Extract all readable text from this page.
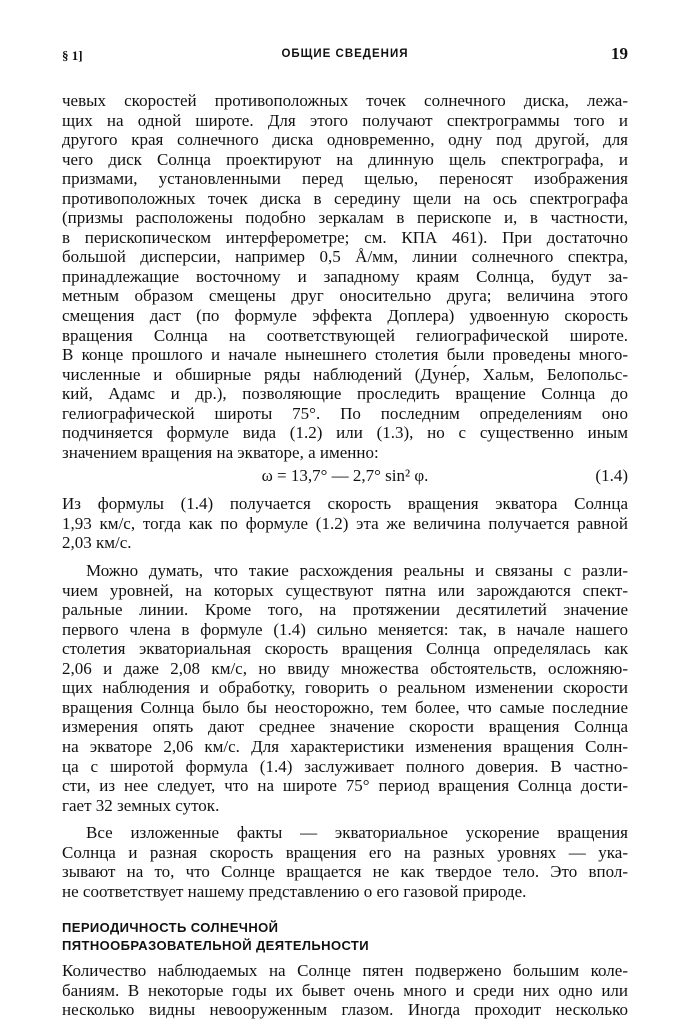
§ 1]	ОБЩИЕ СВЕДЕНИЯ	19
чевых скоростей противоположных точек солнечного диска, лежа-
щих на одной широте. Для этого получают спектрограммы того и
другого края солнечного диска одновременно, одну под другой, для
чего диск Солнца проектируют на длинную щель спектрографа, и
призмами, установленными перед щелью, переносят изображения
противоположных точек диска в середину щели на ось спектрографа
(призмы расположены подобно зеркалам в перископе и, в частности,
в перископическом интерферометре; см. КПА 461). При достаточно
большой дисперсии, например 0,5 Å/мм, линии солнечного спектра,
принадлежащие восточному и западному краям Солнца, будут за-
метным образом смещены друг оносительно друга; величина этого
смещения даст (по формуле эффекта Доплера) удвоенную скорость
вращения Солнца на соответствующей гелиографической широте.
В конце прошлого и начале нынешнего столетия были проведены много-
численные и обширные ряды наблюдений (Дуне́р, Хальм, Белопольс-
кий, Адамс и др.), позволяющие проследить вращение Солнца до
гелиографической широты 75°. По последним определениям оно
подчиняется формуле вида (1.2) или (1.3), но с существенно иным
значением вращения на экваторе, а именно:
ω = 13,7° — 2,7° sin² φ.	(1.4)
Из формулы (1.4) получается скорость вращения экватора Солнца
1,93 км/с, тогда как по формуле (1.2) эта же величина получается равной
2,03 км/с.
Можно думать, что такие расхождения реальны и связаны с разли-
чием уровней, на которых существуют пятна или зарождаются спект-
ральные линии. Кроме того, на протяжении десятилетий значение
первого члена в формуле (1.4) сильно меняется: так, в начале нашего
столетия экваториальная скорость вращения Солнца определялась как
2,06 и даже 2,08 км/с, но ввиду множества обстоятельств, осложняю-
щих наблюдения и обработку, говорить о реальном изменении скорости
вращения Солнца было бы неосторожно, тем более, что самые последние
измерения опять дают среднее значение скорости вращения Солнца
на экваторе 2,06 км/с. Для характеристики изменения вращения Солн-
ца с широтой формула (1.4) заслуживает полного доверия. В частно-
сти, из нее следует, что на широте 75° период вращения Солнца дости-
гает 32 земных суток.
Все изложенные факты — экваториальное ускорение вращения
Солнца и разная скорость вращения его на разных уровнях — ука-
зывают на то, что Солнце вращается не как твердое тело. Это впол-
не соответствует нашему представлению о его газовой природе.
ПЕРИОДИЧНОСТЬ СОЛНЕЧНОЙ
ПЯТНООБРАЗОВАТЕЛЬНОЙ ДЕЯТЕЛЬНОСТИ
Количество наблюдаемых на Солнце пятен подвержено большим коле-
баниям. В некоторые годы их бывет очень много и среди них одно или
несколько видны невооруженным глазом. Иногда проходит несколько
